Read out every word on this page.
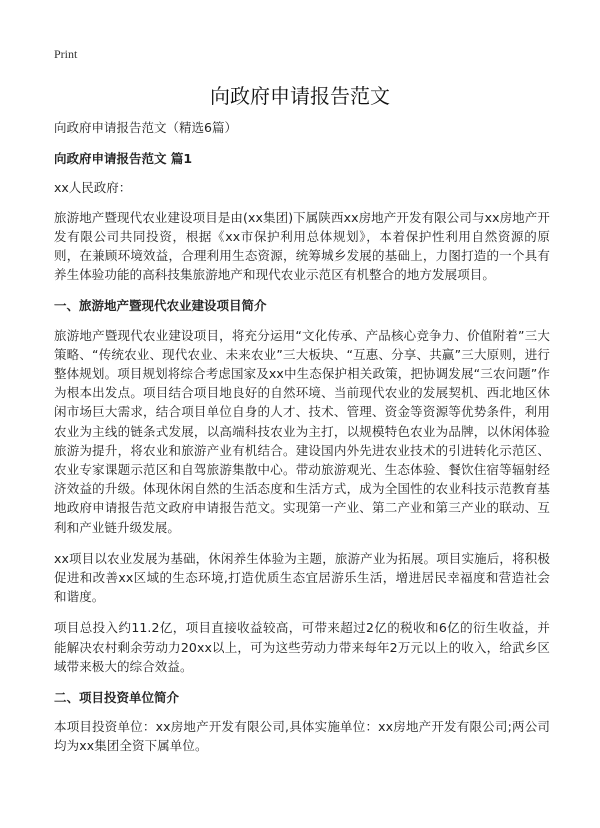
Print
向政府申请报告范文

向政府申请报告范文（精选6篇）

向政府申请报告范文 篇1

xx人民政府：

旅游地产暨现代农业建设项目是由(xx集团)下属陕西xx房地产开发有限公司与xx房地产开发有限公司共同投资，根据《xx市保护利用总体规划》，本着保护性利用自然资源的原则，在兼顾环境效益，合理利用生态资源，统筹城乡发展的基础上，力图打造的一个具有养生体验功能的高科技集旅游地产和现代农业示范区有机整合的地方发展项目。

一、旅游地产暨现代农业建设项目简介

旅游地产暨现代农业建设项目，将充分运用“文化传承、产品核心竞争力、价值附着”三大策略、“传统农业、现代农业、未来农业”三大板块、“互惠、分享、共赢”三大原则，进行整体规划。项目规划将综合考虑国家及xx中生态保护相关政策，把协调发展“三农问题”作为根本出发点。项目结合项目地良好的自然环境、当前现代农业的发展契机、西北地区休闲市场巨大需求，结合项目单位自身的人才、技术、管理、资金等资源等优势条件，利用农业为主线的链条式发展，以高端科技农业为主打，以规模特色农业为品牌，以休闲体验旅游为提升，将农业和旅游产业有机结合。建设国内外先进农业技术的引进转化示范区、农业专家课题示范区和自驾旅游集散中心。带动旅游观光、生态体验、餐饮住宿等辐射经济效益的升级。体现休闲自然的生活态度和生活方式，成为全国性的农业科技示范教育基地政府申请报告范文政府申请报告范文。实现第一产业、第二产业和第三产业的联动、互利和产业链升级发展。

xx项目以农业发展为基础，休闲养生体验为主题，旅游产业为拓展。项目实施后，将积极促进和改善xx区域的生态环境,打造优质生态宜居游乐生活，增进居民幸福度和营造社会和谐度。

项目总投入约11.2亿，项目直接收益较高，可带来超过2亿的税收和6亿的衍生收益，并能解决农村剩余劳动力20xx以上，可为这些劳动力带来每年2万元以上的收入，给武乡区域带来极大的综合效益。

二、项目投资单位简介

本项目投资单位：xx房地产开发有限公司,具体实施单位：xx房地产开发有限公司;两公司均为xx集团全资下属单位。
